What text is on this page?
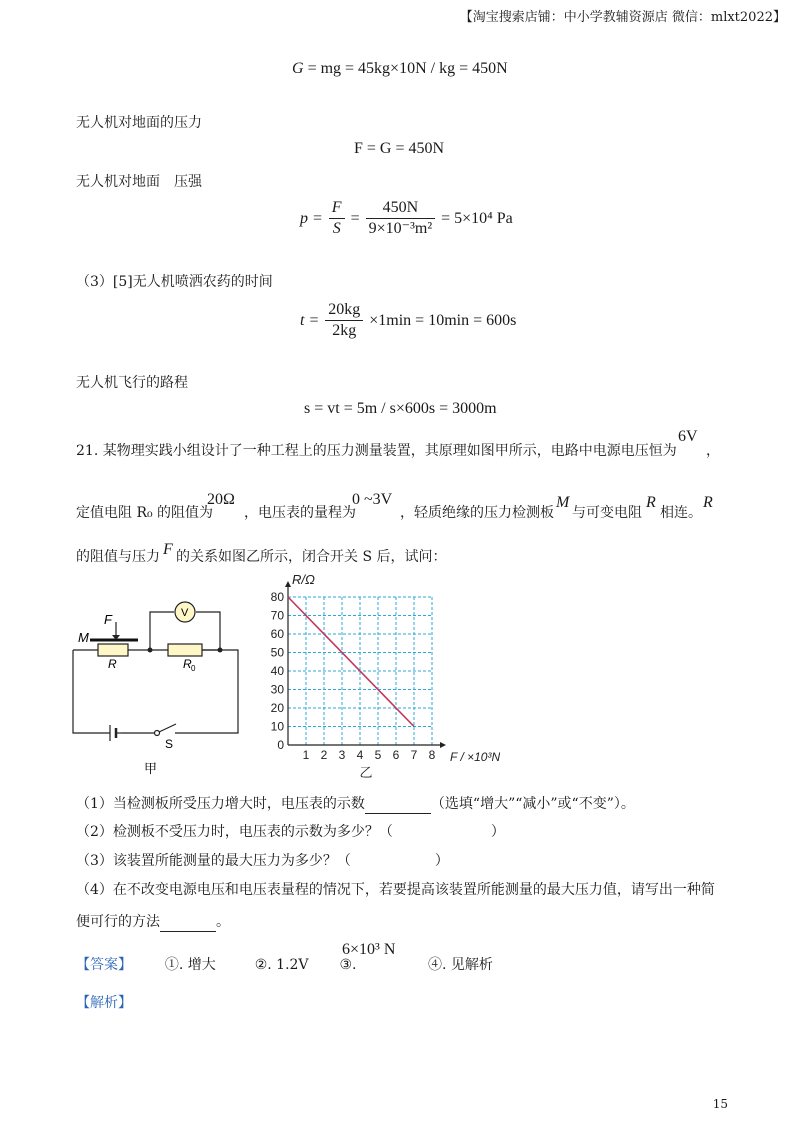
【淘宝搜索店铺：中小学教辅资源店 微信：mlxt2022】
G = mg = 45kg×10N / kg = 450N
无人机对地面的压力
F = G = 450N
无人机对地面　压强
$p = \frac{F}{S} = \frac{450N}{\text{9×10⁻³m²}} = 5\times 10^4$ Pa
（3）[5]无人机喷洒农药的时间
$t = \frac{20kg}{2kg} \times 1\min = 10\min = 600s$
无人机飞行的路程
s = vt = 5m / s×600s = 3000m
21. 某物理实践小组设计了一种工程上的压力测量装置，其原理如图甲所示，电路中电源电压恒为
6V
，
定值电阻 R₀ 的阻值为
20Ω
，电压表的量程为
0 ~3V
，轻质绝缘的压力检测板
M
与可变电阻
R
相连。
R
的阻值与压力 F 的关系如图乙所示，闭合开关 S 后，试问：
F
M
R	R 0
V
S
甲
1 2 3 4 5 6 7 8
0
10
20
30
40
50
60
70
80
R/Ω
F / ×10³N
乙
（1）当检测板所受压力增大时，电压表的示数	（选填“增大”“减小”或“不变”）。
（2）检测板不受压力时，电压表的示数为多少？（　　　　　　　）
（3）该装置所能测量的最大压力为多少？（　　　　　　）
（4）在不改变电源电压和电压表量程的情况下，若要提高该装置所能测量的最大压力值，请写出一种简
便可行的方法	。
【答案】 ①. 增大	②. 1.2V ③.
6×10³ N
④. 见解析
【解析】
15
